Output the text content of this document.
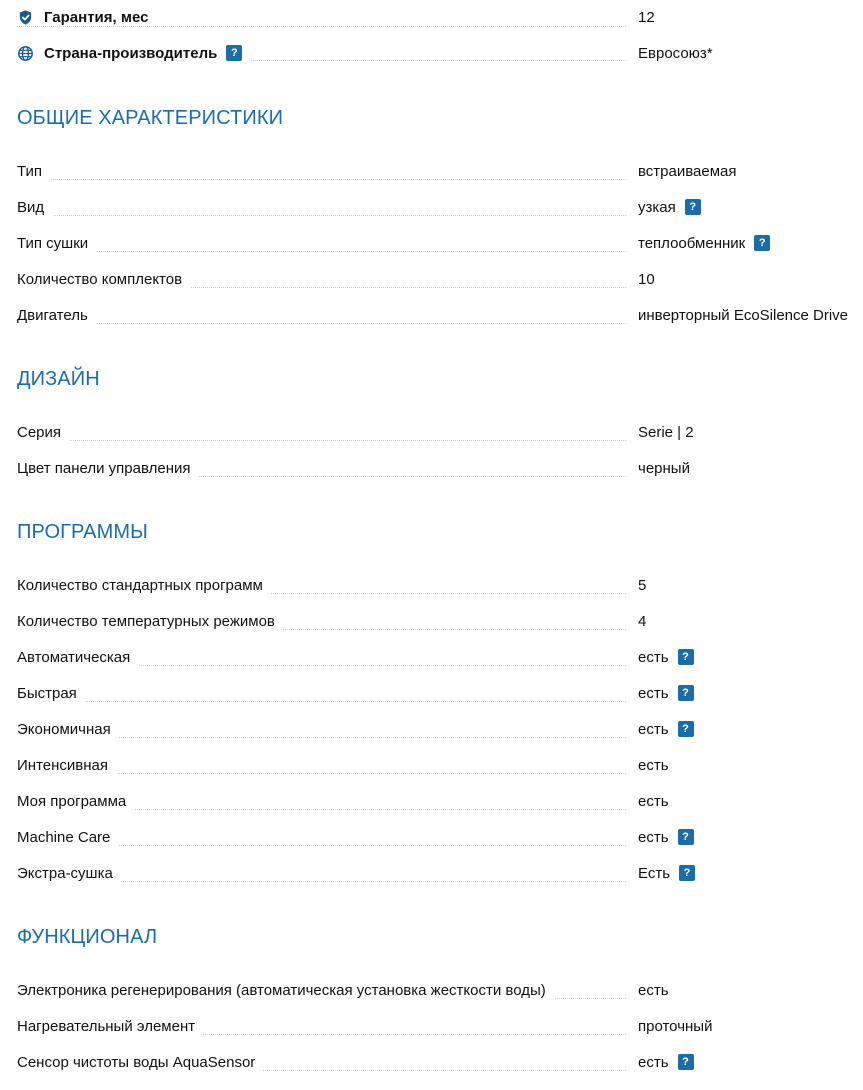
Гарантия, мес	12
Страна-производитель	?	Евросоюз*
ОБЩИЕ ХАРАКТЕРИСТИКИ
Тип	встраиваемая
Вид	узкая	?
Тип сушки	теплообменник	?
Количество комплектов	10
Двигатель	инверторный EcoSilence Drive
ДИЗАЙН
Серия	Serie | 2
Цвет панели управления	черный
ПРОГРАММЫ
Количество стандартных программ	5
Количество температурных режимов	4
Автоматическая	есть	?
Быстрая	есть	?
Экономичная	есть	?
Интенсивная	есть
Моя программа	есть
Machine Care	есть	?
Экстра-сушка	Есть	?
ФУНКЦИОНАЛ
Электроника регенерирования (автоматическая установка жесткости воды)	есть
Нагревательный элемент	проточный
Сенсор чистоты воды AquaSensor	есть	?
